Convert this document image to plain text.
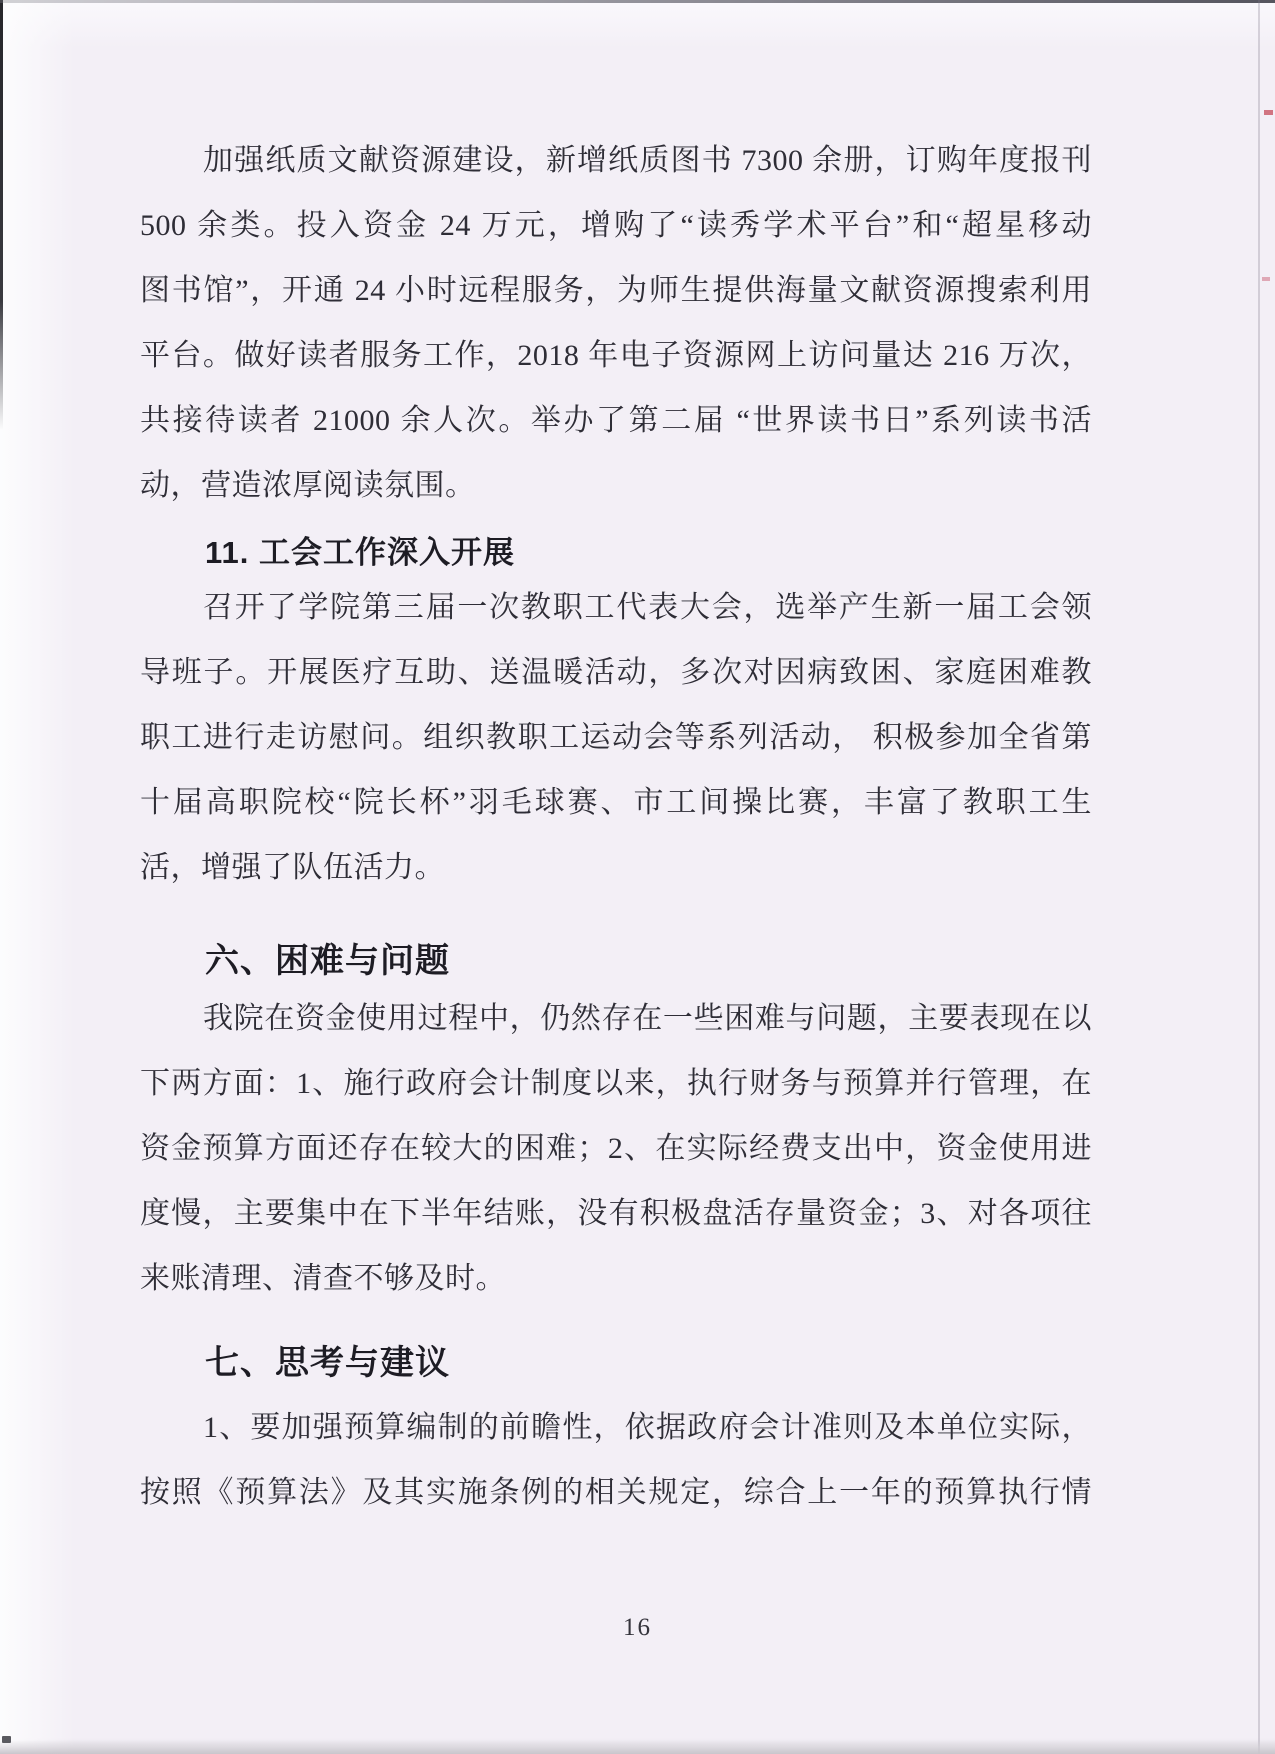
加强纸质文献资源建设，新增纸质图书 7300 余册，订购年度报刊
500 余类。投入资金 24 万元，增购了“读秀学术平台”和“超星移动
图书馆”，开通 24 小时远程服务，为师生提供海量文献资源搜索利用
平台。做好读者服务工作，2018 年电子资源网上访问量达 216 万次，
共接待读者 21000 余人次。举办了第二届 “世界读书日”系列读书活
动，营造浓厚阅读氛围。
11. 工会工作深入开展
召开了学院第三届一次教职工代表大会，选举产生新一届工会领
导班子。开展医疗互助、送温暖活动，多次对因病致困、家庭困难教
职工进行走访慰问。组织教职工运动会等系列活动， 积极参加全省第
十届高职院校“院长杯”羽毛球赛、市工间操比赛，丰富了教职工生
活，增强了队伍活力。
六、困难与问题
我院在资金使用过程中，仍然存在一些困难与问题，主要表现在以
下两方面：1、施行政府会计制度以来，执行财务与预算并行管理，在
资金预算方面还存在较大的困难；2、在实际经费支出中，资金使用进
度慢，主要集中在下半年结账，没有积极盘活存量资金；3、对各项往
来账清理、清查不够及时。
七、思考与建议
1、要加强预算编制的前瞻性，依据政府会计准则及本单位实际，
按照《预算法》及其实施条例的相关规定，综合上一年的预算执行情
16
